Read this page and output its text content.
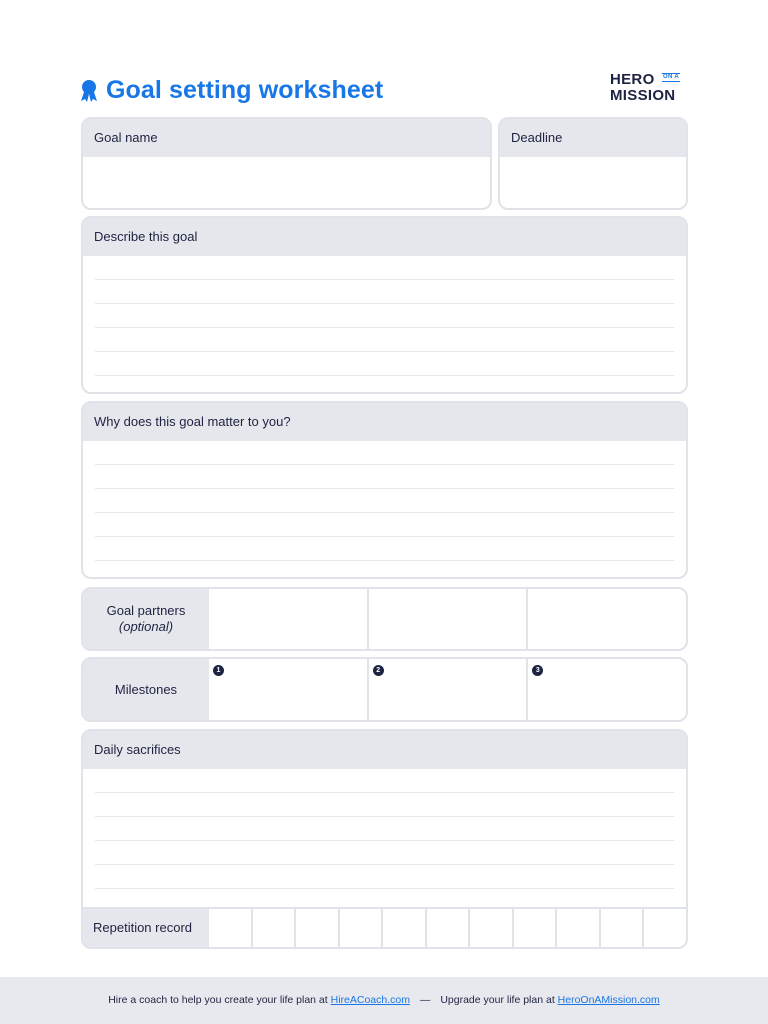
Goal setting worksheet	HERO ON A
MISSION
Goal name	Deadline
Describe this goal
Why does this goal matter to you?
Goal partners
(optional)
Milestones
1	2	3
Daily sacrifices
Repetition record
Hire a coach to help you create your life plan at HireACoach.com — Upgrade your life plan at HeroOnAMission.com
